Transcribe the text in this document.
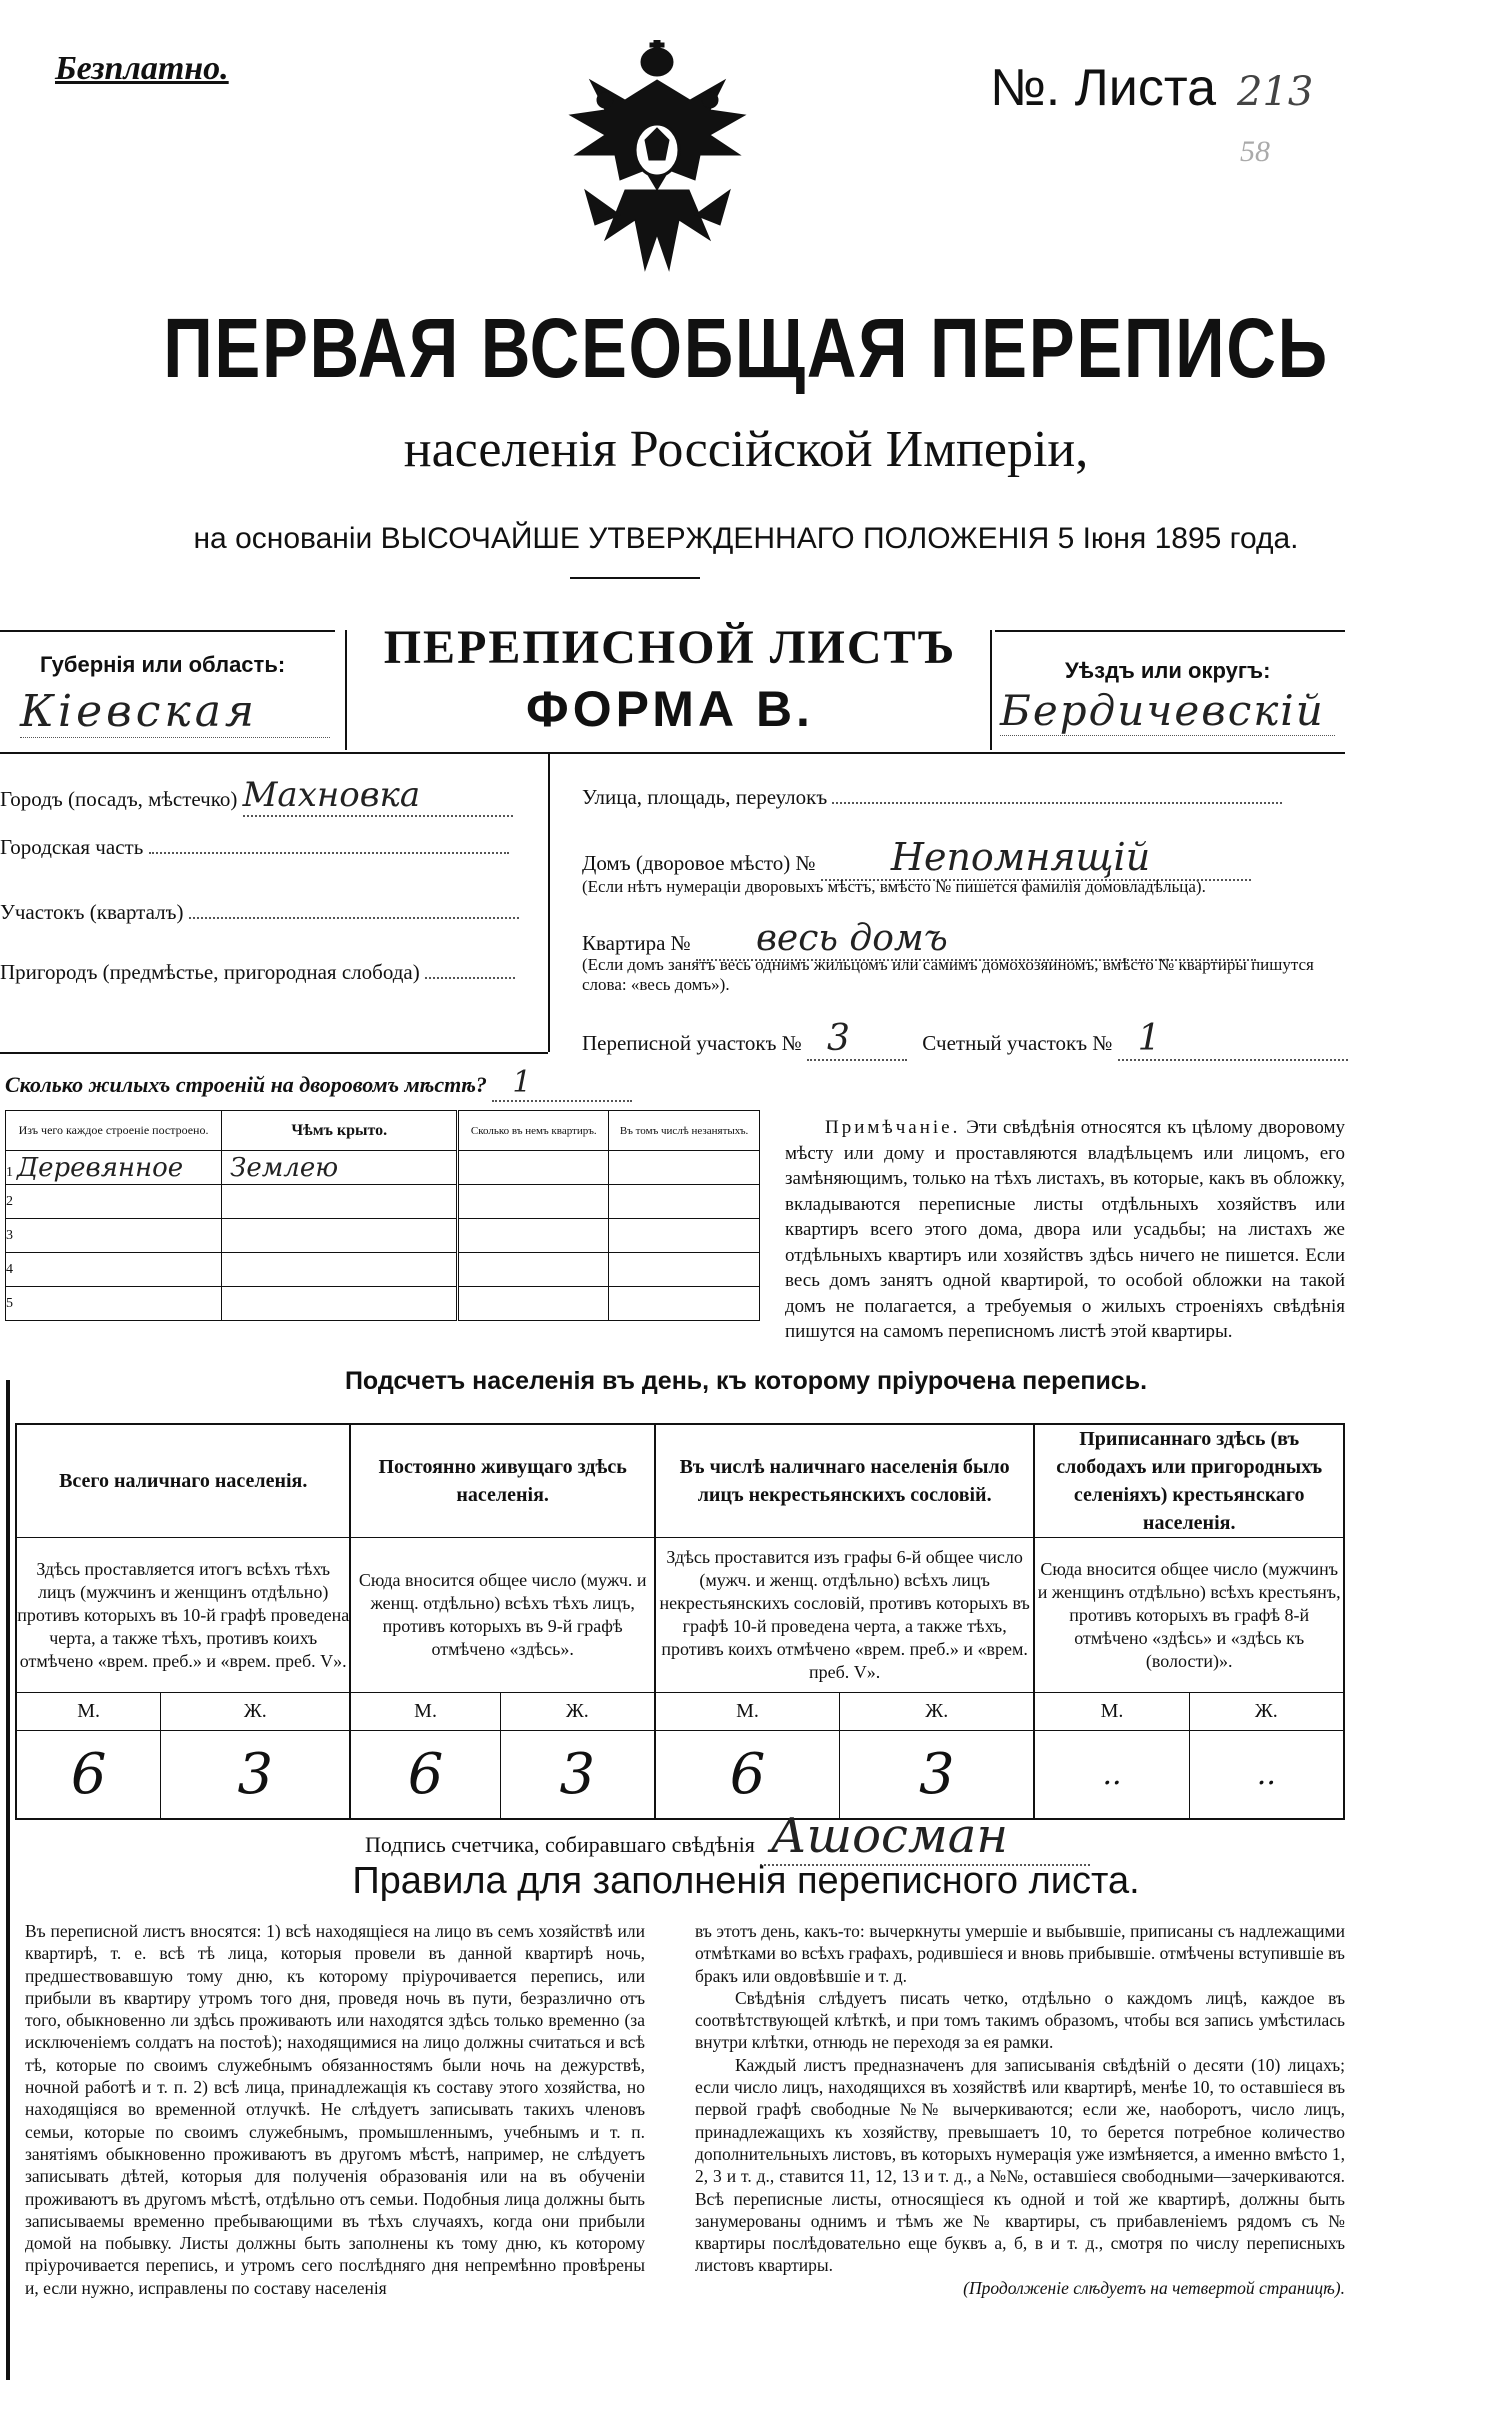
Безплатно.	№. Листа 213
58
ПЕРВАЯ ВСЕОБЩАЯ ПЕРЕПИСЬ
населенія Россійской Имперіи,
на основаніи ВЫСОЧАЙШЕ УТВЕРЖДЕННАГО ПОЛОЖЕНІЯ 5 Іюня 1895 года.
Губернія или область:
Кіевская
ПЕРЕПИСНОЙ ЛИСТЪ
ФОРМА В.
Уѣздъ или округъ:
Бердичевскій
Городъ (посадъ, мѣстечко) Махновка
Городская часть
Участокъ (кварталъ)
Пригородъ (предмѣстье, пригородная слобода)
Улица, площадь, переулокъ
Домъ (дворовое мѣсто) № Непомнящій
(Если нѣтъ нумераціи дворовыхъ мѣстъ, вмѣсто № пишется фамилія домовладѣльца).
Квартира № весь домъ
(Если домъ занятъ весь однимъ жильцомъ или самимъ домохозяиномъ, вмѣсто № квартиры пишутся слова: «весь домъ»).
Переписной участокъ № 3	Счетный участокъ № 1
Сколько жилыхъ строеній на дворовомъ мѣстѣ? 1
Изъ чего каждое строеніе построено.	Чѣмъ крыто.	Сколько въ немъ квартиръ.	Въ томъ числѣ незанятыхъ.
1 Деревянное	Землею		
2			
3			
4			
5			
Примѣчаніе. Эти свѣдѣнія относятся къ цѣлому дворовому мѣсту или дому и проставляются владѣльцемъ или лицомъ, его замѣняющимъ, только на тѣхъ листахъ, въ которые, какъ въ обложку, вкладываются переписные листы отдѣльныхъ хозяйствъ или квартиръ всего этого дома, двора или усадьбы; на листахъ же отдѣльныхъ квартиръ или хозяйствъ здѣсь ничего не пишется. Если весь домъ занятъ одной квартирой, то особой обложки на такой домъ не полагается, а требуемыя о жилыхъ строеніяхъ свѣдѣнія пишутся на самомъ переписномъ листѣ этой квартиры.
Подсчетъ населенія въ день, къ которому пріурочена перепись.
Всего наличнаго населенія.		Постоянно живущаго здѣсь населенія.		Въ числѣ наличнаго населенія было лицъ некрестьянскихъ сословій.		Приписаннаго здѣсь (въ слободахъ или пригородныхъ селеніяхъ) крестьянскаго населенія.	
Здѣсь проставляется итогъ всѣхъ тѣхъ лицъ (мужчинъ и женщинъ отдѣльно) противъ которыхъ въ 10-й графѣ проведена черта, а также тѣхъ, противъ коихъ отмѣчено «врем. преб.» и «врем. преб. V».		Сюда вносится общее число (мужч. и женщ. отдѣльно) всѣхъ тѣхъ лицъ, противъ которыхъ въ 9-й графѣ отмѣчено «здѣсь».		Здѣсь проставится изъ графы 6-й общее число (мужч. и женщ. отдѣльно) всѣхъ лицъ некрестьянскихъ сословій, противъ которыхъ въ графѣ 10-й проведена черта, а также тѣхъ, противъ коихъ отмѣчено «врем. преб.» и «врем. преб. V».		Сюда вносится общее число (мужчинъ и женщинъ отдѣльно) всѣхъ крестьянъ, противъ которыхъ въ графѣ 8-й отмѣчено «здѣсь» и «здѣсь къ (волости)».	
М.	Ж.	М.	Ж.	М.	Ж.	М.	Ж.
6	3	6	3	6	3	..	..
Подпись счетчика, собиравшаго свѣдѣнія Ашосман
Правила для заполненія переписного листа.
Въ переписной листъ вносятся: 1) всѣ находящіеся на лицо въ семъ хозяйствѣ или квартирѣ, т. е. всѣ тѣ лица, которыя провели въ данной квартирѣ ночь, предшествовавшую тому дню, къ которому пріурочивается перепись, или прибыли въ квартиру утромъ того дня, проведя ночь въ пути, безразлично отъ того, обыкновенно ли здѣсь проживають или находятся здѣсь только временно (за исключеніемъ солдатъ на постоѣ); находящимися на лицо должны считаться и всѣ тѣ, которые по своимъ служебнымъ обязанностямъ были ночь на дежурствѣ, ночной работѣ и т. п. 2) всѣ лица, принадлежащія къ составу этого хозяйства, но находящіяся во временной отлучкѣ. Не слѣдуетъ записывать такихъ членовъ семьи, которые по своимъ служебнымъ, промышленнымъ, учебнымъ и т. п. занятіямъ обыкновенно проживаютъ въ другомъ мѣстѣ, например, не слѣдуетъ записывать дѣтей, которыя для полученія образованія или на въ обученіи проживаютъ въ другомъ мѣстѣ, отдѣльно отъ семьи. Подобныя лица должны быть записываемы временно пребывающими въ тѣхъ случаяхъ, когда они прибыли домой на побывку. Листы должны быть заполнены къ тому дню, къ которому пріурочивается перепись, и утромъ сего послѣдняго дня непремѣнно провѣрены и, если нужно, исправлены по составу населенія

въ этотъ день, какъ-то: вычеркнуты умершіе и выбывшіе, приписаны съ надлежащими отмѣтками во всѣхъ графахъ, родившіеся и вновь прибывшіе. отмѣчены вступившіе въ бракъ или овдовѣвшіе и т. д.

Свѣдѣнія слѣдуетъ писать четко, отдѣльно о каждомъ лицѣ, каждое въ соотвѣтствующей клѣткѣ, и при томъ такимъ образомъ, чтобы вся запись умѣстилась внутри клѣтки, отнюдь не переходя за ея рамки.

Каждый листъ предназначенъ для записыванія свѣдѣній о десяти (10) лицахъ; если число лицъ, находящихся въ хозяйствѣ или квартирѣ, менѣе 10, то оставшіеся въ первой графѣ свободные №№ вычеркиваются; если же, наоборотъ, число лицъ, принадлежащихъ къ хозяйству, превышаетъ 10, то берется потребное количество дополнительныхъ листовъ, въ которыхъ нумерація уже измѣняется, а именно вмѣсто 1, 2, 3 и т. д., ставится 11, 12, 13 и т. д., а №№, оставшіеся свободными—зачеркиваются. Всѣ переписные листы, относящіеся къ одной и той же квартирѣ, должны быть занумерованы однимъ и тѣмъ же № квартиры, съ прибавленіемъ рядомъ съ № квартиры послѣдовательно еще буквъ а, б, в и т. д., смотря по числу переписныхъ листовъ квартиры.

(Продолженіе слѣдуетъ на четвертой страницѣ).
